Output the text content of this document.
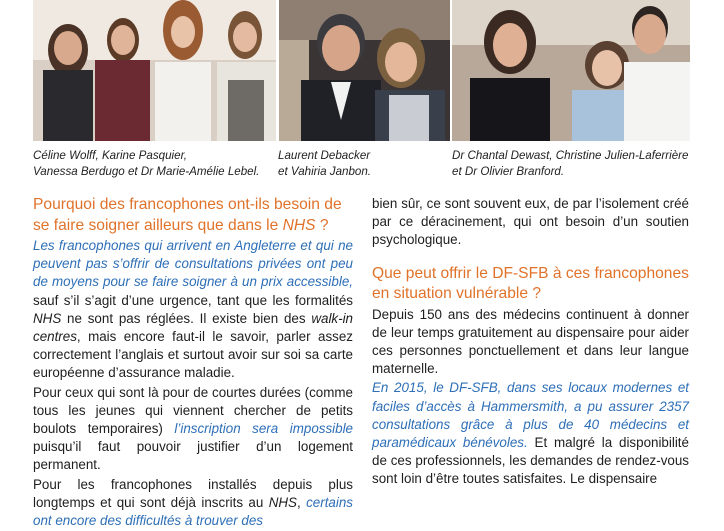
Céline Wolff, Karine Pasquier,
Vanessa Berdugo et Dr Marie-Amélie Lebel.
Laurent Debacker
et Vahiria Janbon.
Dr Chantal Dewast, Christine Julien-Laferrière
et Dr Olivier Branford.
Pourquoi des francophones ont-ils besoin de se faire soigner ailleurs que dans le NHS ?

Les francophones qui arrivent en Angleterre et qui ne peuvent pas s’offrir de consultations privées ont peu de moyens pour se faire soigner à un prix accessible, sauf s’il s’agit d’une urgence, tant que les formalités NHS ne sont pas réglées. Il existe bien des walk-in centres, mais encore faut-il le savoir, parler assez correctement l’anglais et surtout avoir sur soi sa carte européenne d’assurance maladie.

Pour ceux qui sont là pour de courtes durées (comme tous les jeunes qui viennent chercher de petits boulots temporaires) l’inscription sera impossible puisqu’il faut pouvoir justifier d’un logement permanent.

Pour les francophones installés depuis plus longtemps et qui sont déjà inscrits au NHS, certains ont encore des difficultés à trouver des

bien sûr, ce sont souvent eux, de par l’isolement créé par ce déracinement, qui ont besoin d’un soutien psychologique.

Que peut offrir le DF-SFB à ces francophones en situation vulnérable ?

Depuis 150 ans des médecins continuent à donner de leur temps gratuitement au dispensaire pour aider ces personnes ponctuellement et dans leur langue maternelle.

En 2015, le DF-SFB, dans ses locaux modernes et faciles d’accès à Hammersmith, a pu assurer 2357 consultations grâce à plus de 40 médecins et paramédicaux bénévoles. Et malgré la disponibilité de ces professionnels, les demandes de rendez-vous sont loin d’être toutes satisfaites. Le dispensaire
